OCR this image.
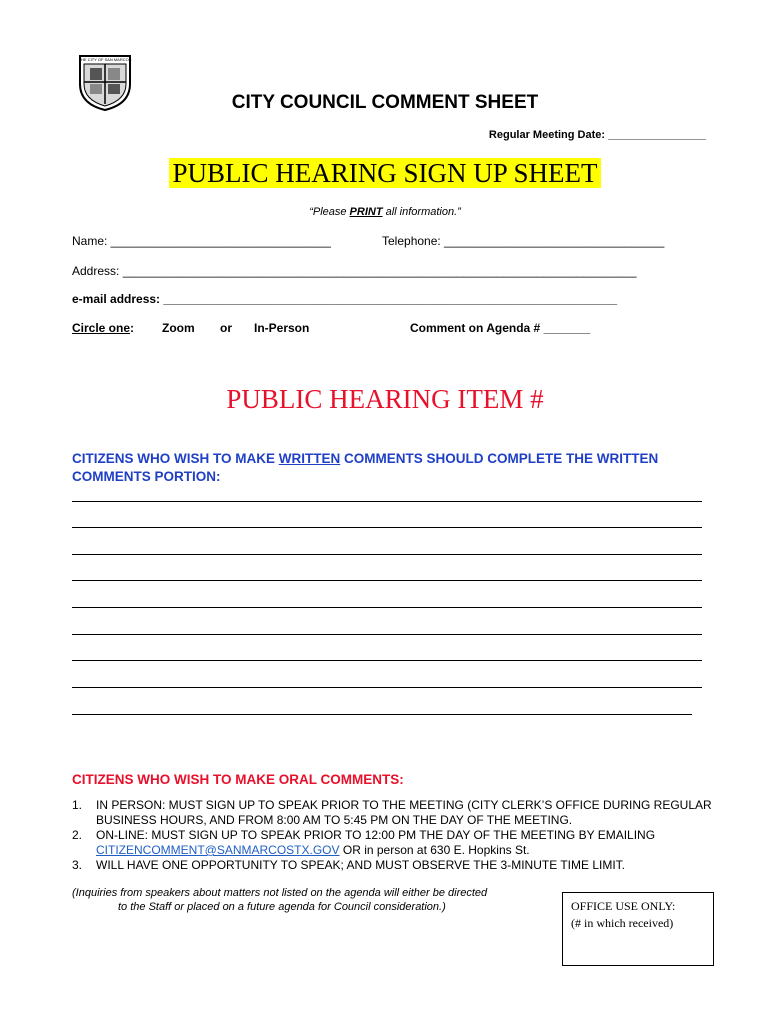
THE CITY OF SAN MARCOS
CITY COUNCIL COMMENT SHEET
Regular Meeting Date: ________________
PUBLIC HEARING SIGN UP SHEET
“Please PRINT all information.”
Name: _________________________________	Telephone: _________________________________
Address: _____________________________________________________________________________
e-mail address: ____________________________________________________________________
Circle one: Zoom or In-Person	Comment on Agenda # _______
PUBLIC HEARING ITEM #
CITIZENS WHO WISH TO MAKE WRITTEN COMMENTS SHOULD COMPLETE THE WRITTEN COMMENTS PORTION:
CITIZENS WHO WISH TO MAKE ORAL COMMENTS:
1. IN PERSON: MUST SIGN UP TO SPEAK PRIOR TO THE MEETING (CITY CLERK’S OFFICE DURING REGULAR BUSINESS HOURS, AND FROM 8:00 AM TO 5:45 PM ON THE DAY OF THE MEETING.
2. ON-LINE: MUST SIGN UP TO SPEAK PRIOR TO 12:00 PM THE DAY OF THE MEETING BY EMAILING CITIZENCOMMENT@SANMARCOSTX.GOV OR in person at 630 E. Hopkins St.
3. WILL HAVE ONE OPPORTUNITY TO SPEAK; AND MUST OBSERVE THE 3-MINUTE TIME LIMIT.
(Inquiries from speakers about matters not listed on the agenda will either be directed
to the Staff or placed on a future agenda for Council consideration.)	OFFICE USE ONLY:
(# in which received)
